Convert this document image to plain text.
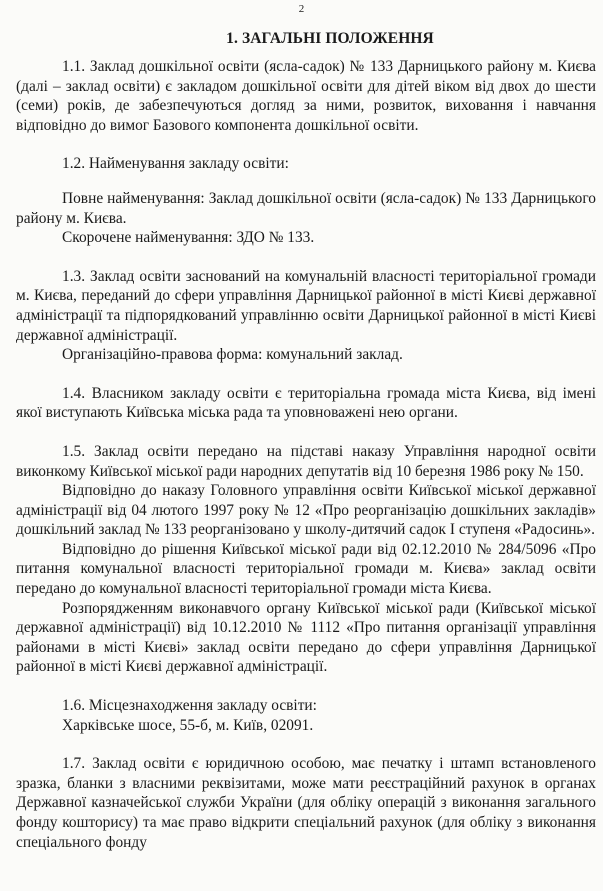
2
1. ЗАГАЛЬНІ ПОЛОЖЕННЯ

1.1. Заклад дошкільної освіти (ясла-садок) № 133 Дарницького району м. Києва (далі – заклад освіти) є закладом дошкільної освіти для дітей віком від двох до шести (семи) років, де забезпечуються догляд за ними, розвиток, виховання і навчання відповідно до вимог Базового компонента дошкільної освіти.

1.2. Найменування закладу освіти:

Повне найменування: Заклад дошкільної освіти (ясла-садок) № 133 Дарницького району м. Києва.

Скорочене найменування: ЗДО № 133.

1.3. Заклад освіти заснований на комунальній власності територіальної громади м. Києва, переданий до сфери управління Дарницької районної в місті Києві державної адміністрації та підпорядкований управлінню освіти Дарницької районної в місті Києві державної адміністрації.

Організаційно-правова форма: комунальний заклад.

1.4. Власником закладу освіти є територіальна громада міста Києва, від імені якої виступають Київська міська рада та уповноважені нею органи.

1.5. Заклад освіти передано на підставі наказу Управління народної освіти виконкому Київської міської ради народних депутатів від 10 березня 1986 року № 150.

Відповідно до наказу Головного управління освіти Київської міської державної адміністрації від 04 лютого 1997 року № 12 «Про реорганізацію дошкільних закладів» дошкільний заклад № 133 реорганізовано у школу-дитячий садок I ступеня «Радосинь».

Відповідно до рішення Київської міської ради від 02.12.2010 № 284/5096 «Про питання комунальної власності територіальної громади м. Києва» заклад освіти передано до комунальної власності територіальної громади міста Києва.

Розпорядженням виконавчого органу Київської міської ради (Київської міської державної адміністрації) від 10.12.2010 № 1112 «Про питання організації управління районами в місті Києві» заклад освіти передано до сфери управління Дарницької районної в місті Києві державної адміністрації.

1.6. Місцезнаходження закладу освіти:

Харківське шосе, 55-б, м. Київ, 02091.

1.7. Заклад освіти є юридичною особою, має печатку і штамп встановленого зразка, бланки з власними реквізитами, може мати реєстраційний рахунок в органах Державної казначейської служби України (для обліку операцій з виконання загального фонду кошторису) та має право відкрити спеціальний рахунок (для обліку з виконання спеціального фонду
